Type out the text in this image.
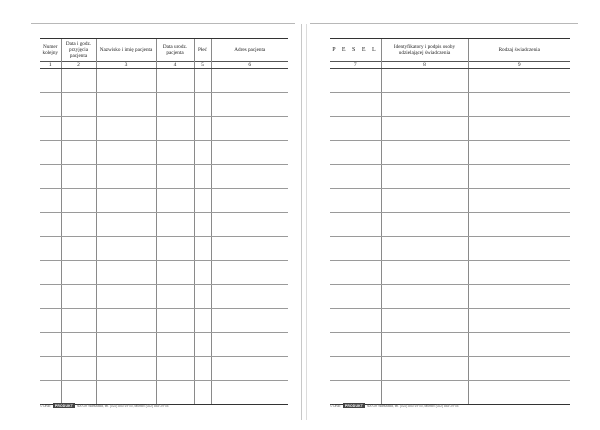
Numer kolejny	Data i godz. przyjęcia pacjenta	Nazwisko i imię pacjenta	Data urodz. pacjenta	Płeć	Adres pacjenta
1	2	3	4	5	6

P E S E L	Identyfikatory i podpis osoby udzielającej świadczenia	Rodzaj świadczenia
7	8	9

© Druk:	PRODUKT	NA·GR Warszawa, tel. (022) 853·19·00, fax/box (022) 853·29·04	© Druk:	PRODUKT	NA·GR Warszawa, tel. (022) 853·19·00, fax/box (022) 853·29·04
